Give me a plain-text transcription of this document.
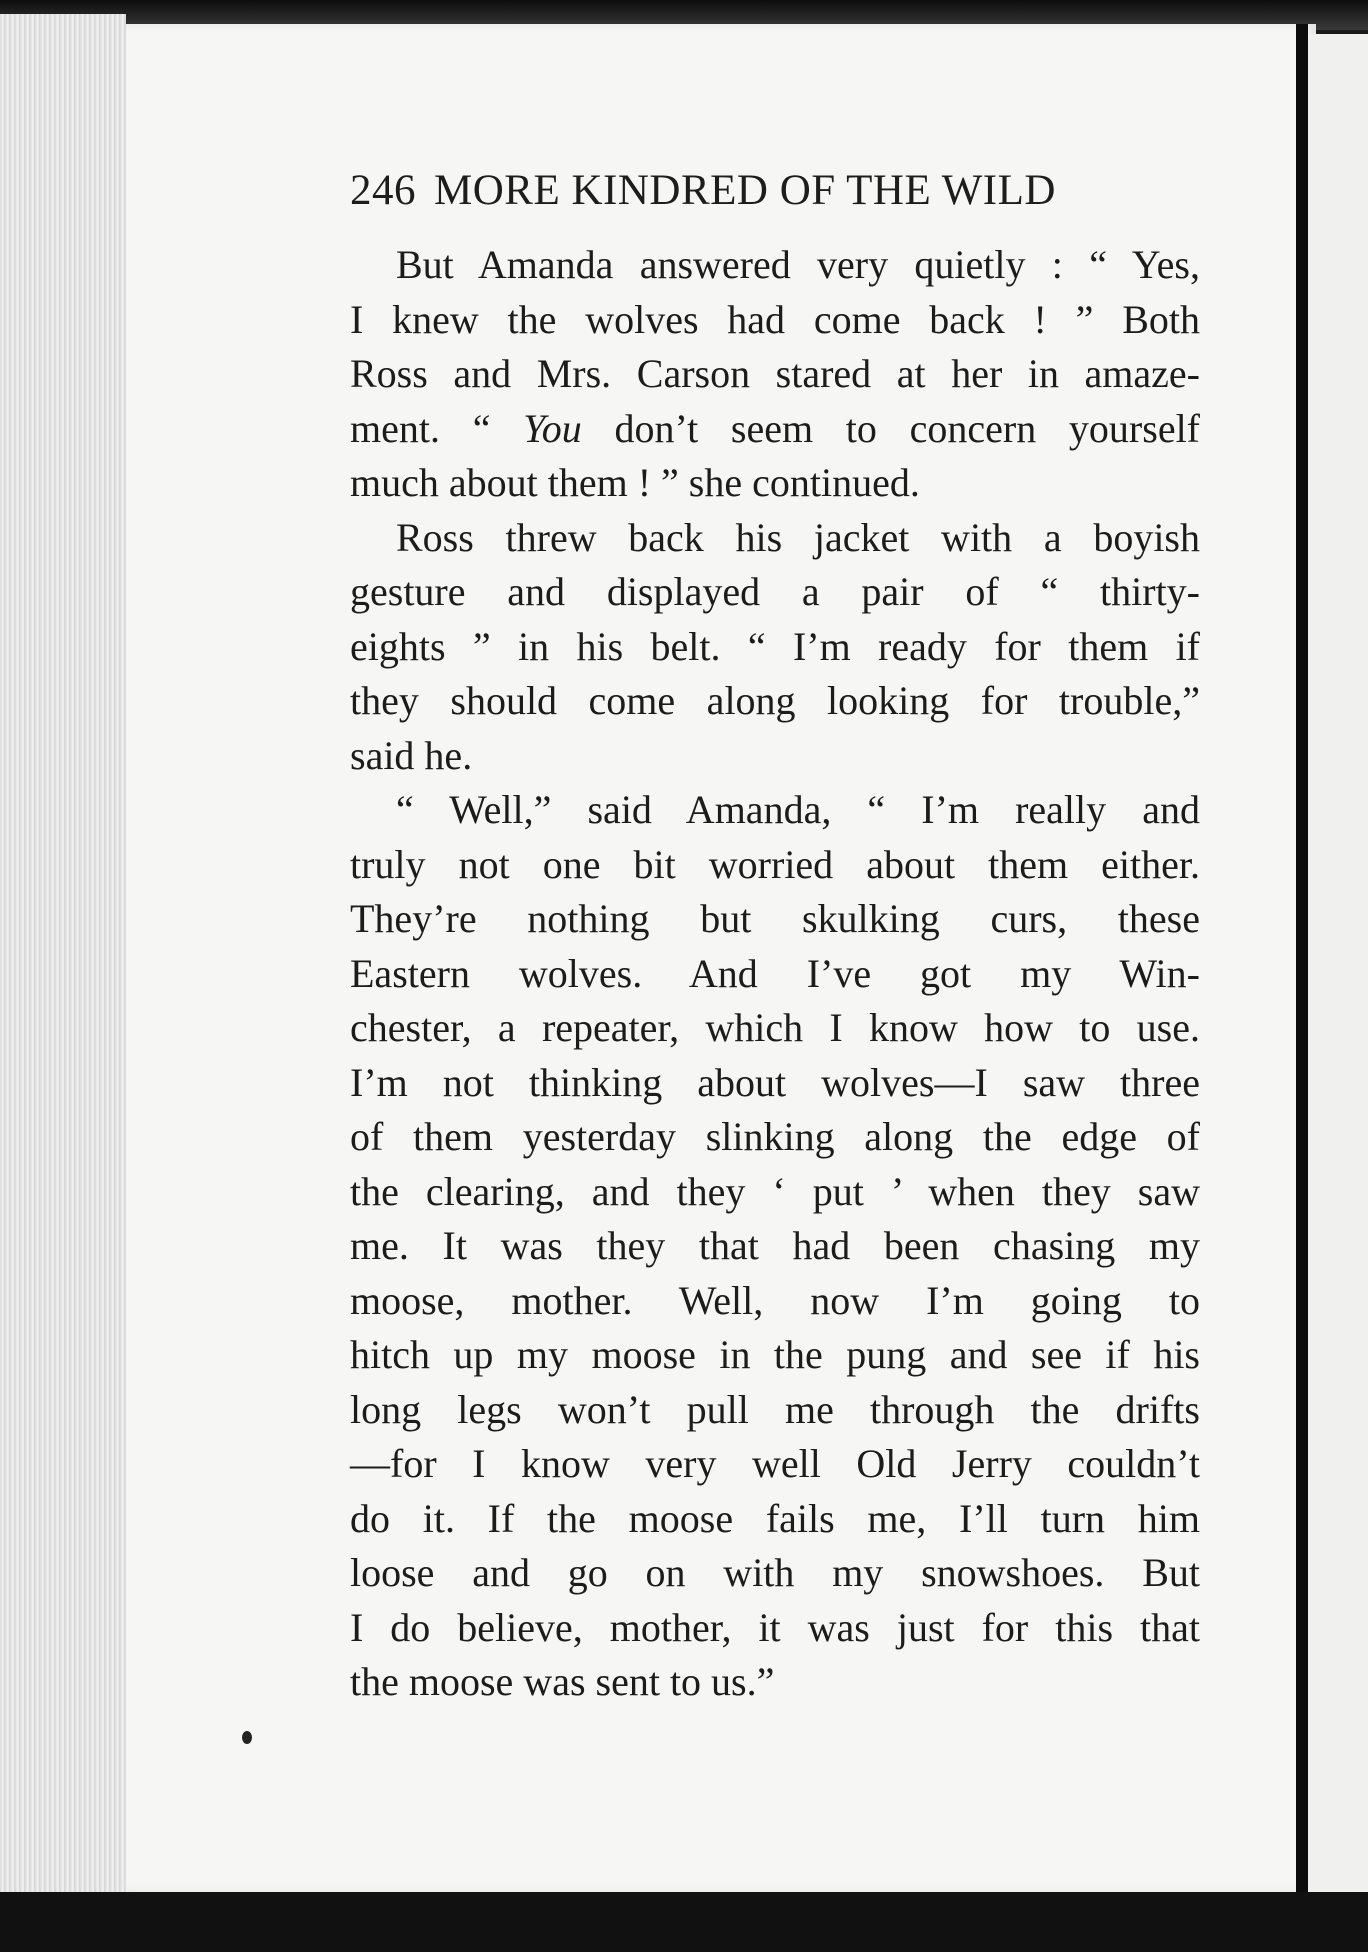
246 MORE KINDRED OF THE WILD

But Amanda answered very quietly : “ Yes,
I knew the wolves had come back ! ” Both
Ross and Mrs. Carson stared at her in amaze-
ment. “ You don’t seem to concern yourself
much about them ! ” she continued.

Ross threw back his jacket with a boyish
gesture and displayed a pair of “ thirty-
eights ” in his belt. “ I’m ready for them if
they should come along looking for trouble,”
said he.

“ Well,” said Amanda, “ I’m really and
truly not one bit worried about them either.
They’re nothing but skulking curs, these
Eastern wolves. And I’ve got my Win-
chester, a repeater, which I know how to use.
I’m not thinking about wolves—I saw three
of them yesterday slinking along the edge of
the clearing, and they ‘ put ’ when they saw
me. It was they that had been chasing my
moose, mother. Well, now I’m going to
hitch up my moose in the pung and see if his
long legs won’t pull me through the drifts
—for I know very well Old Jerry couldn’t
do it. If the moose fails me, I’ll turn him
loose and go on with my snowshoes. But
I do believe, mother, it was just for this that
the moose was sent to us.”
